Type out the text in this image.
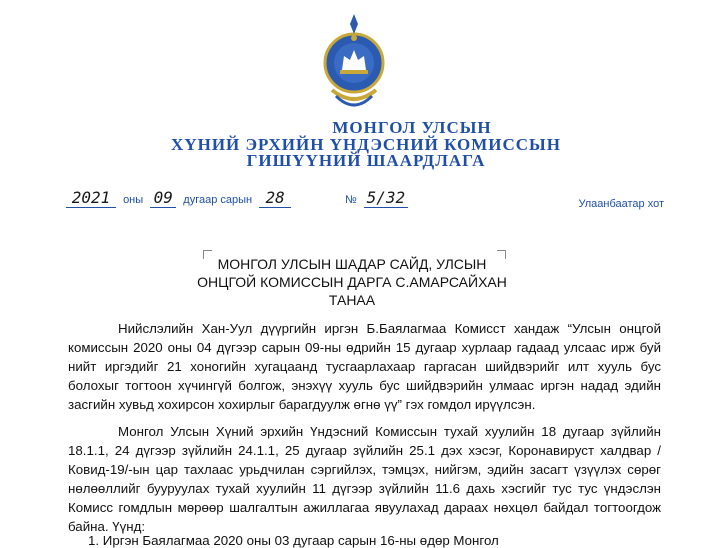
МОНГОЛ УЛСЫН
ХҮНИЙ ЭРХИЙН ҮНДЭСНИЙ КОМИССЫН
ГИШҮҮНИЙ ШААРДЛАГА
2021 оны 09 дугаар сарын 28	№ 5/32	Улаанбаатар хот
МОНГОЛ УЛСЫН ШАДАР САЙД, УЛСЫН
ОНЦГОЙ КОМИССЫН ДАРГА С.АМАРСАЙХАН
ТАНАА

Нийслэлийн Хан-Уул дүүргийн иргэн Б.Баялагмаа Комисст хандаж “Улсын онцгой комиссын 2020 оны 04 дүгээр сарын 09-ны өдрийн 15 дугаар хурлаар гадаад улсаас ирж буй нийт иргэдийг 21 хоногийн хугацаанд тусгаарлахаар гаргасан шийдвэрийг илт хууль бус болохыг тогтоон хүчингүй болгож, энэхүү хууль бус шийдвэрийн улмаас иргэн надад эдийн засгийн хувьд хохирсон хохирлыг барагдуулж өгнө үү” гэх гомдол ирүүлсэн.

Монгол Улсын Хүний эрхийн Үндэсний Комиссын тухай хуулийн 18 дугаар зүйлийн 18.1.1, 24 дүгээр зүйлийн 24.1.1, 25 дугаар зүйлийн 25.1 дэх хэсэг, Коронавируст халдвар /Ковид-19/-ын цар тахлаас урьдчилан сэргийлэх, тэмцэх, нийгэм, эдийн засагт үзүүлэх сөрөг нөлөөллийг бууруулах тухай хуулийн 11 дүгээр зүйлийн 11.6 дахь хэсгийг тус тус үндэслэн Комисс гомдлын мөрөөр шалгалтын ажиллагаа явуулахад дараах нөхцөл байдал тогтоогдож байна. Үүнд:

1. Иргэн Баялагмаа 2020 оны 03 дугаар сарын 16-ны өдөр Монгол
